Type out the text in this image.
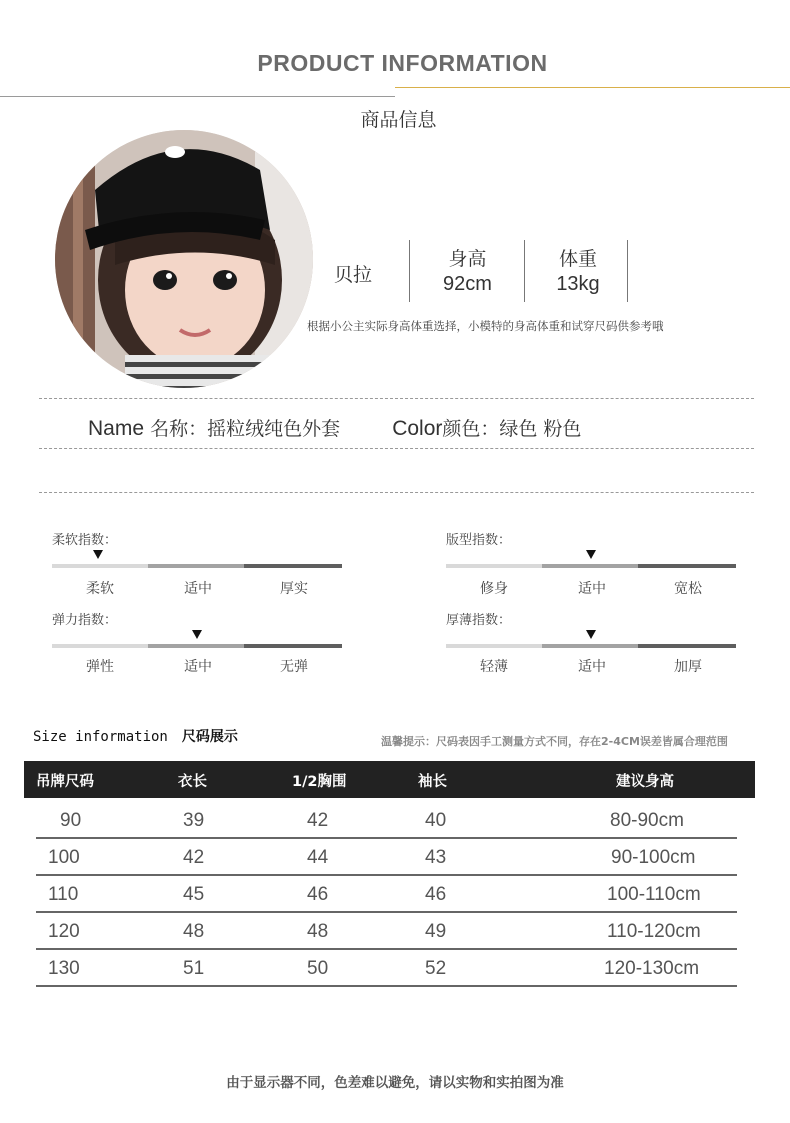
PRODUCT INFORMATION
商品信息
贝拉
身高
92cm
体重
13kg
根据小公主实际身高体重选择，小模特的身高体重和试穿尺码供参考哦
Name 名称：摇粒绒纯色外套 Color颜色：绿色 粉色
柔软指数：
柔软	适中	厚实
版型指数：
修身	适中	宽松
弹力指数：
弹性	适中	无弹
厚薄指数：
轻薄	适中	加厚
Size information 尺码展示	温馨提示：尺码表因手工测量方式不同，存在2-4CM误差皆属合理范围
吊牌尺码	衣长	1/2胸围	袖长	建议身高
90	39	42	40	80-90cm
100	42	44	43	90-100cm
110	45	46	46	100-110cm
120	48	48	49	110-120cm
130	51	50	52	120-130cm
由于显示器不同，色差难以避免，请以实物和实拍图为准
